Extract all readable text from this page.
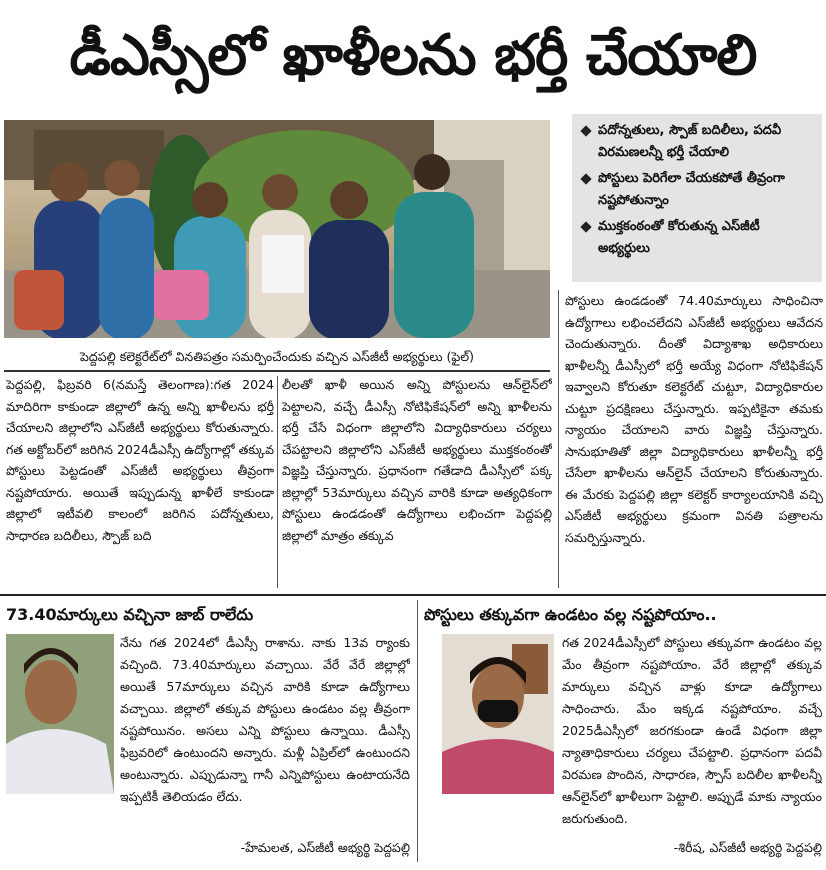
డీఎస్సీలో ఖాళీలను భర్తీ చేయాలి
పెద్దపల్లి కలెక్టరేట్‌లో వినతిపత్రం సమర్పించేందుకు వచ్చిన ఎస్‌జీటీ అభ్యర్థులు (ఫైల్)
పదోన్నతులు, స్పౌజ్ బదిలీలు, పదవీ విరమణలన్నీ భర్తీ చేయాలి
పోస్టులు పెరిగేలా చేయకపోతే తీవ్రంగా నష్టపోతున్నాం
ముక్తకంఠంతో కోరుతున్న ఎస్‌జీటీ అభ్యర్థులు
పెద్దపల్లి, ఫిబ్రవరి 6(నమస్తే తెలంగాణ):గత 2024 మాదిరిగా కాకుండా జిల్లాలో ఉన్న అన్ని ఖాళీలను భర్తీ చేయాలని జిల్లాలోని ఎస్‌జీటీ అభ్యర్థులు కోరుతున్నారు. గత అక్టోబర్‌లో జరిగిన 2024డీఎస్సీ ఉద్యోగాల్లో తక్కువ పోస్టులు పెట్టడంతో ఎస్‌జీటీ అభ్యర్థులు తీవ్రంగా నష్టపోయారు. అయితే ఇప్పుడున్న ఖాళీలే కాకుండా జిల్లాలో ఇటీవలి కాలంలో జరిగిన పదోన్నతులు, సాధారణ బదిలీలు, స్పౌజ్ బది
లీలతో ఖాళీ అయిన అన్ని పోస్టులను ఆన్‌లైన్‌లో పెట్టాలని, వచ్చే డీఎస్సీ నోటిఫికేషన్‌లో అన్ని ఖాళీలను భర్తీ చేసే విధంగా జిల్లాలోని విద్యాధికారులు చర్యలు చేపట్టాలని జిల్లాలోని ఎస్‌జీటీ అభ్యర్థులు ముక్తకంఠంతో విజ్ఞప్తి చేస్తున్నారు. ప్రధానంగా గతేడాది డీఎస్సీలో పక్క జిల్లాల్లో 53మార్కులు వచ్చిన వారికి కూడా అత్యధికంగా పోస్టులు ఉండడంతో ఉద్యోగాలు లభించగా పెద్దపల్లి జిల్లాలో మాత్రం తక్కువ
పోస్టులు ఉండడంతో 74.40మార్కులు సాధించినా ఉద్యోగాలు లభించలేదని ఎస్‌జీటీ అభ్యర్థులు ఆవేదన చెందుతున్నారు. దీంతో విద్యాశాఖ అధికారులు ఖాళీలన్నీ డీఎస్సీలో భర్తీ అయ్యే విధంగా నోటిఫికేషన్ ఇవ్వాలని కోరుతూ కలెక్టరేట్ చుట్టూ, విద్యాధికారుల చుట్టూ ప్రదక్షిణలు చేస్తున్నారు. ఇప్పటికైనా తమకు న్యాయం చేయాలని వారు విజ్ఞప్తి చేస్తున్నారు. సానుభూతితో జిల్లా విద్యాధికారులు ఖాళీలన్నీ భర్తీ చేసేలా ఖాళీలను ఆన్‌లైన్ చేయాలని కోరుతున్నారు. ఈ మేరకు పెద్దపల్లి జిల్లా కలెక్టర్ కార్యాలయానికి వచ్చి ఎస్‌జీటీ అభ్యర్థులు క్రమంగా వినతి పత్రాలను సమర్పిస్తున్నారు.
73.40మార్కులు వచ్చినా జాబ్ రాలేదు
నేను గత 2024లో డీఎస్సీ రాశాను. నాకు 13వ ర్యాంకు వచ్చింది. 73.40మార్కులు వచ్చాయి. వేరే వేరే జిల్లాల్లో అయితే 57మార్కులు వచ్చిన వారికి కూడా ఉద్యోగాలు వచ్చాయి. జిల్లాలో తక్కువ పోస్టులు ఉండటం వల్ల తీవ్రంగా నష్టపోయినం. అసలు ఎన్ని పోస్టులు ఉన్నాయి. డీఎస్సీ ఫిబ్రవరిలో ఉంటుందని అన్నారు. మళ్లీ ఏప్రిల్‌లో ఉంటుందని అంటున్నారు. ఎప్పుడున్నా గానీ ఎన్నిపోస్టులు ఉంటాయనేది ఇప్పటికీ తెలియడం లేదు.
-హేమలత, ఎస్‌జీటీ అభ్యర్థి పెద్దపల్లి
పోస్టులు తక్కువగా ఉండటం వల్ల నష్టపోయాం..
గత 2024డీఎస్సీలో పోస్టులు తక్కువగా ఉండటం వల్ల మేం తీవ్రంగా నష్టపోయాం. వేరే జిల్లాల్లో తక్కువ మార్కులు వచ్చిన వాళ్లు కూడా ఉద్యోగాలు సాధించారు. మేం ఇక్కడ నష్టపోయాం. వచ్చే 2025డీఎస్సీలో జరగకుండా ఉండే విధంగా జిల్లా న్యాతాధికారులు చర్యలు చేపట్టాలి. ప్రధానంగా పదవీ విరమణ పొందిన, సాధారణ, స్పౌస్ బదిలీల ఖాళీలన్నీ ఆన్‌లైన్‌లో ఖాళీలుగా పెట్టాలి. అప్పుడే మాకు న్యాయం జరుగుతుంది.
-శిరీష, ఎస్‌జీటీ అభ్యర్థి పెద్దపల్లి
